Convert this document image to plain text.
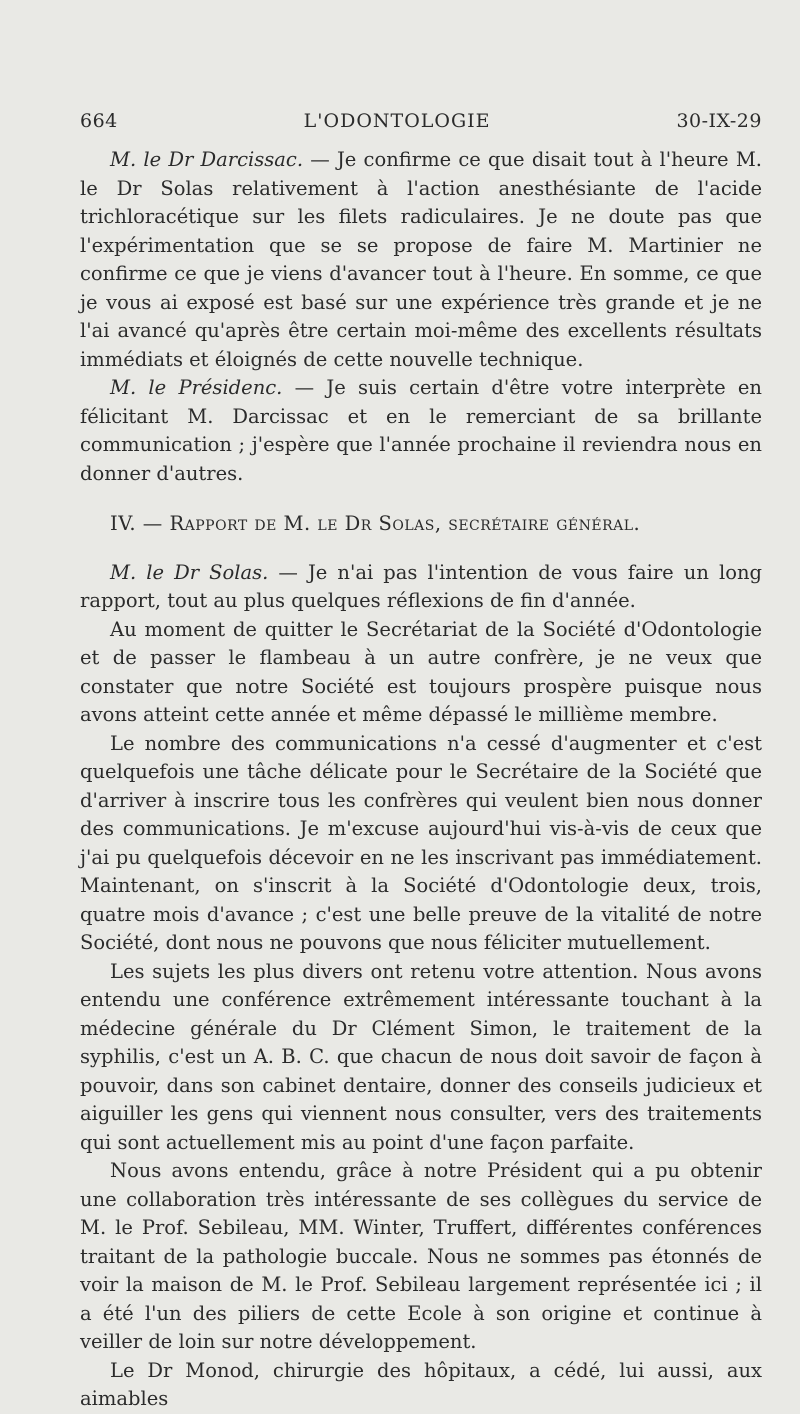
664	L'ODONTOLOGIE	30-IX-29

M. le Dr Darcissac. — Je confirme ce que disait tout à l'heure M. le Dr Solas relativement à l'action anesthésiante de l'acide trichloracétique sur les filets radiculaires. Je ne doute pas que l'expérimentation que se se propose de faire M. Martinier ne confirme ce que je viens d'avancer tout à l'heure. En somme, ce que je vous ai exposé est basé sur une expérience très grande et je ne l'ai avancé qu'après être certain moi-même des excellents résultats immédiats et éloignés de cette nouvelle technique.

M. le Présidenc. — Je suis certain d'être votre interprète en félicitant M. Darcissac et en le remerciant de sa brillante communication ; j'espère que l'année prochaine il reviendra nous en donner d'autres.

IV. — Rapport de M. le Dr Solas, secrétaire général.

M. le Dr Solas. — Je n'ai pas l'intention de vous faire un long rapport, tout au plus quelques réflexions de fin d'année.

Au moment de quitter le Secrétariat de la Société d'Odontologie et de passer le flambeau à un autre confrère, je ne veux que constater que notre Société est toujours prospère puisque nous avons atteint cette année et même dépassé le millième membre.

Le nombre des communications n'a cessé d'augmenter et c'est quelquefois une tâche délicate pour le Secrétaire de la Société que d'arriver à inscrire tous les confrères qui veulent bien nous donner des communications. Je m'excuse aujourd'hui vis-à-vis de ceux que j'ai pu quelquefois décevoir en ne les inscrivant pas immédiatement. Maintenant, on s'inscrit à la Société d'Odontologie deux, trois, quatre mois d'avance ; c'est une belle preuve de la vitalité de notre Société, dont nous ne pouvons que nous féliciter mutuellement.

Les sujets les plus divers ont retenu votre attention. Nous avons entendu une conférence extrêmement intéressante touchant à la médecine générale du Dr Clément Simon, le traitement de la syphilis, c'est un A. B. C. que chacun de nous doit savoir de façon à pouvoir, dans son cabinet dentaire, donner des conseils judicieux et aiguiller les gens qui viennent nous consulter, vers des traitements qui sont actuellement mis au point d'une façon parfaite.

Nous avons entendu, grâce à notre Président qui a pu obtenir une collaboration très intéressante de ses collègues du service de M. le Prof. Sebileau, MM. Winter, Truffert, différentes conférences traitant de la pathologie buccale. Nous ne sommes pas étonnés de voir la maison de M. le Prof. Sebileau largement représentée ici ; il a été l'un des piliers de cette Ecole à son origine et continue à veiller de loin sur notre développement.

Le Dr Monod, chirurgie des hôpitaux, a cédé, lui aussi, aux aimables
